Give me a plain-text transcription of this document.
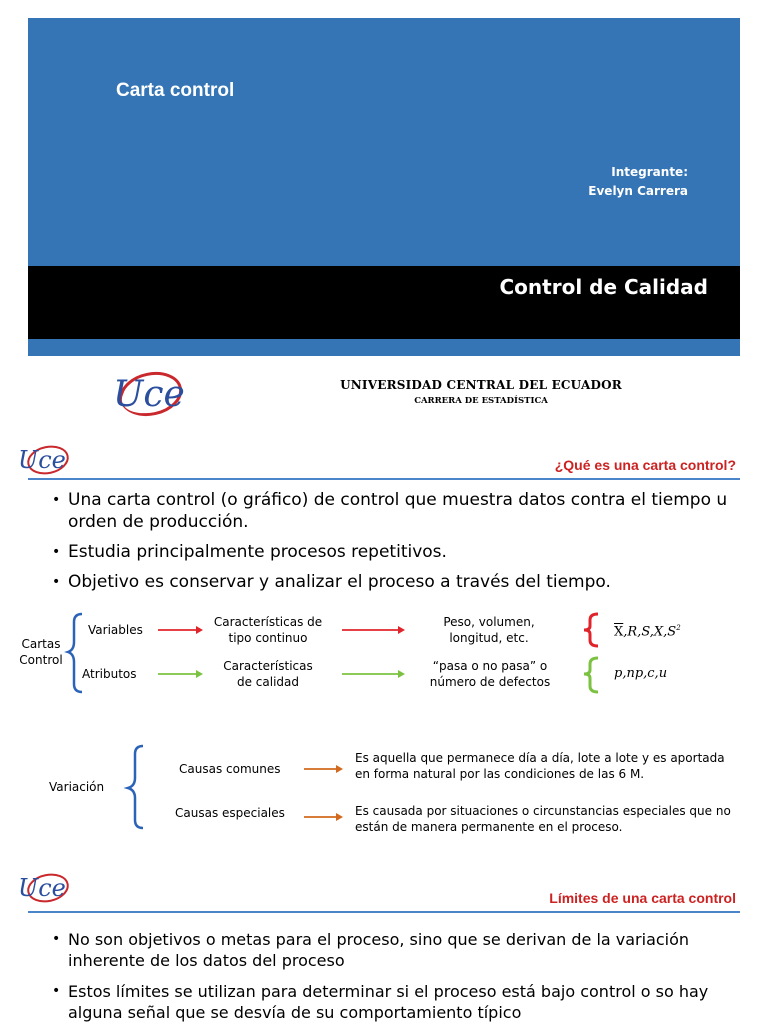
Carta control
Integrante:
Evelyn Carrera
Control de Calidad
Uce	UNIVERSIDAD CENTRAL DEL ECUADOR
CARRERA DE ESTADÍSTICA
Uce	¿Qué es una carta control?
• Una carta control (o gráfico) de control que muestra datos contra el tiempo u orden de producción.
• Estudia principalmente procesos repetitivos.
• Objetivo es conservar y analizar el proceso a través del tiempo.
Cartas
Control
Variables
Atributos
Características de
tipo continuo
Características
de calidad
Peso, volumen,
longitud, etc.
“pasa o no pasa” o
número de defectos
$\overline{X},R,S,X,S^2$
p,np,c,u
Variación
Causas comunes
Causas especiales
Es aquella que permanece día a día, lote a lote y es aportada
en forma natural por las condiciones de las 6 M.
Es causada por situaciones o circunstancias especiales que no
están de manera permanente en el proceso.
Uce	Límites de una carta control
• No son objetivos o metas para el proceso, sino que se derivan de la variación inherente de los datos del proceso
• Estos límites se utilizan para determinar si el proceso está bajo control o so hay alguna señal que se desvía de su comportamiento típico
